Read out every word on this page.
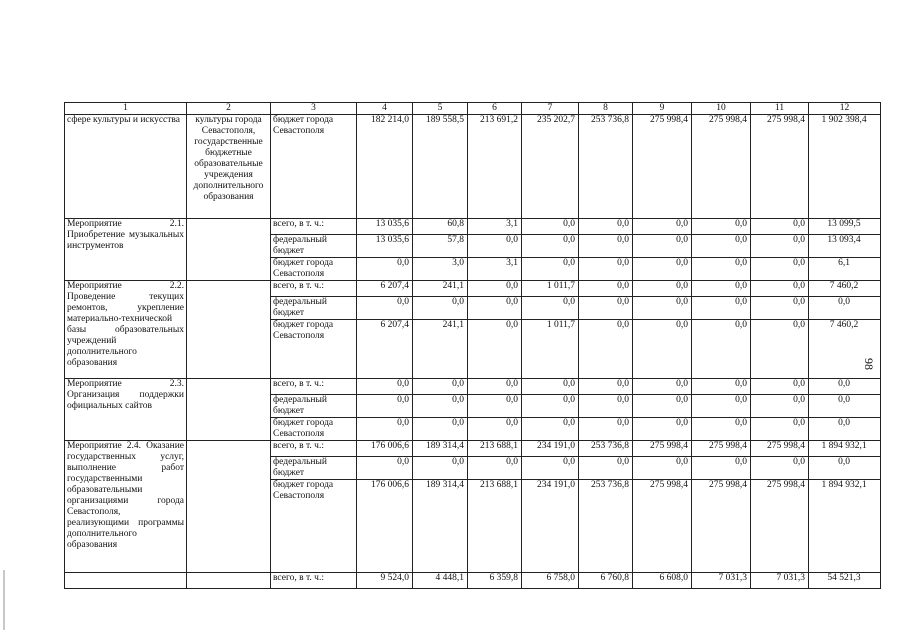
1	2	3	4	5	6	7	8	9	10	11	12
сфере культуры и искусства	культуры города Севастополя, государственные бюджетные образовательные учреждения дополнительного образования	бюджет города Севастополя	182 214,0	189 558,5	213 691,2	235 202,7	253 736,8	275 998,4	275 998,4	275 998,4	1 902 398,4
Мероприятие 2.1. Приобретение музыкальных инструментов		всего, в т. ч.:	13 035,6	60,8	3,1	0,0	0,0	0,0	0,0	0,0	13 099,5
		федеральный бюджет	13 035,6	57,8	0,0	0,0	0,0	0,0	0,0	0,0	13 093,4
		бюджет города Севастополя	0,0	3,0	3,1	0,0	0,0	0,0	0,0	0,0	6,1
Мероприятие 2.2. Проведение текущих ремонтов, укрепление материально-технической базы образовательных учреждений дополнительного образования		всего, в т. ч.:	6 207,4	241,1	0,0	1 011,7	0,0	0,0	0,0	0,0	7 460,2
		федеральный бюджет	0,0	0,0	0,0	0,0	0,0	0,0	0,0	0,0	0,0
		бюджет города Севастополя	6 207,4	241,1	0,0	1 011,7	0,0	0,0	0,0	0,0	7 460,2
Мероприятие 2.3. Организация поддержки официальных сайтов		всего, в т. ч.:	0,0	0,0	0,0	0,0	0,0	0,0	0,0	0,0	0,0
		федеральный бюджет	0,0	0,0	0,0	0,0	0,0	0,0	0,0	0,0	0,0
		бюджет города Севастополя	0,0	0,0	0,0	0,0	0,0	0,0	0,0	0,0	0,0
Мероприятие 2.4. Оказание государственных услуг, выполнение работ государственными образовательными организациями города Севастополя, реализующими программы дополнительного образования		всего, в т. ч.:	176 006,6	189 314,4	213 688,1	234 191,0	253 736,8	275 998,4	275 998,4	275 998,4	1 894 932,1
		федеральный бюджет	0,0	0,0	0,0	0,0	0,0	0,0	0,0	0,0	0,0
		бюджет города Севастополя	176 006,6	189 314,4	213 688,1	234 191,0	253 736,8	275 998,4	275 998,4	275 998,4	1 894 932,1
		всего, в т. ч.:	9 524,0	4 448,1	6 359,8	6 758,0	6 760,8	6 608,0	7 031,3	7 031,3	54 521,3
98
